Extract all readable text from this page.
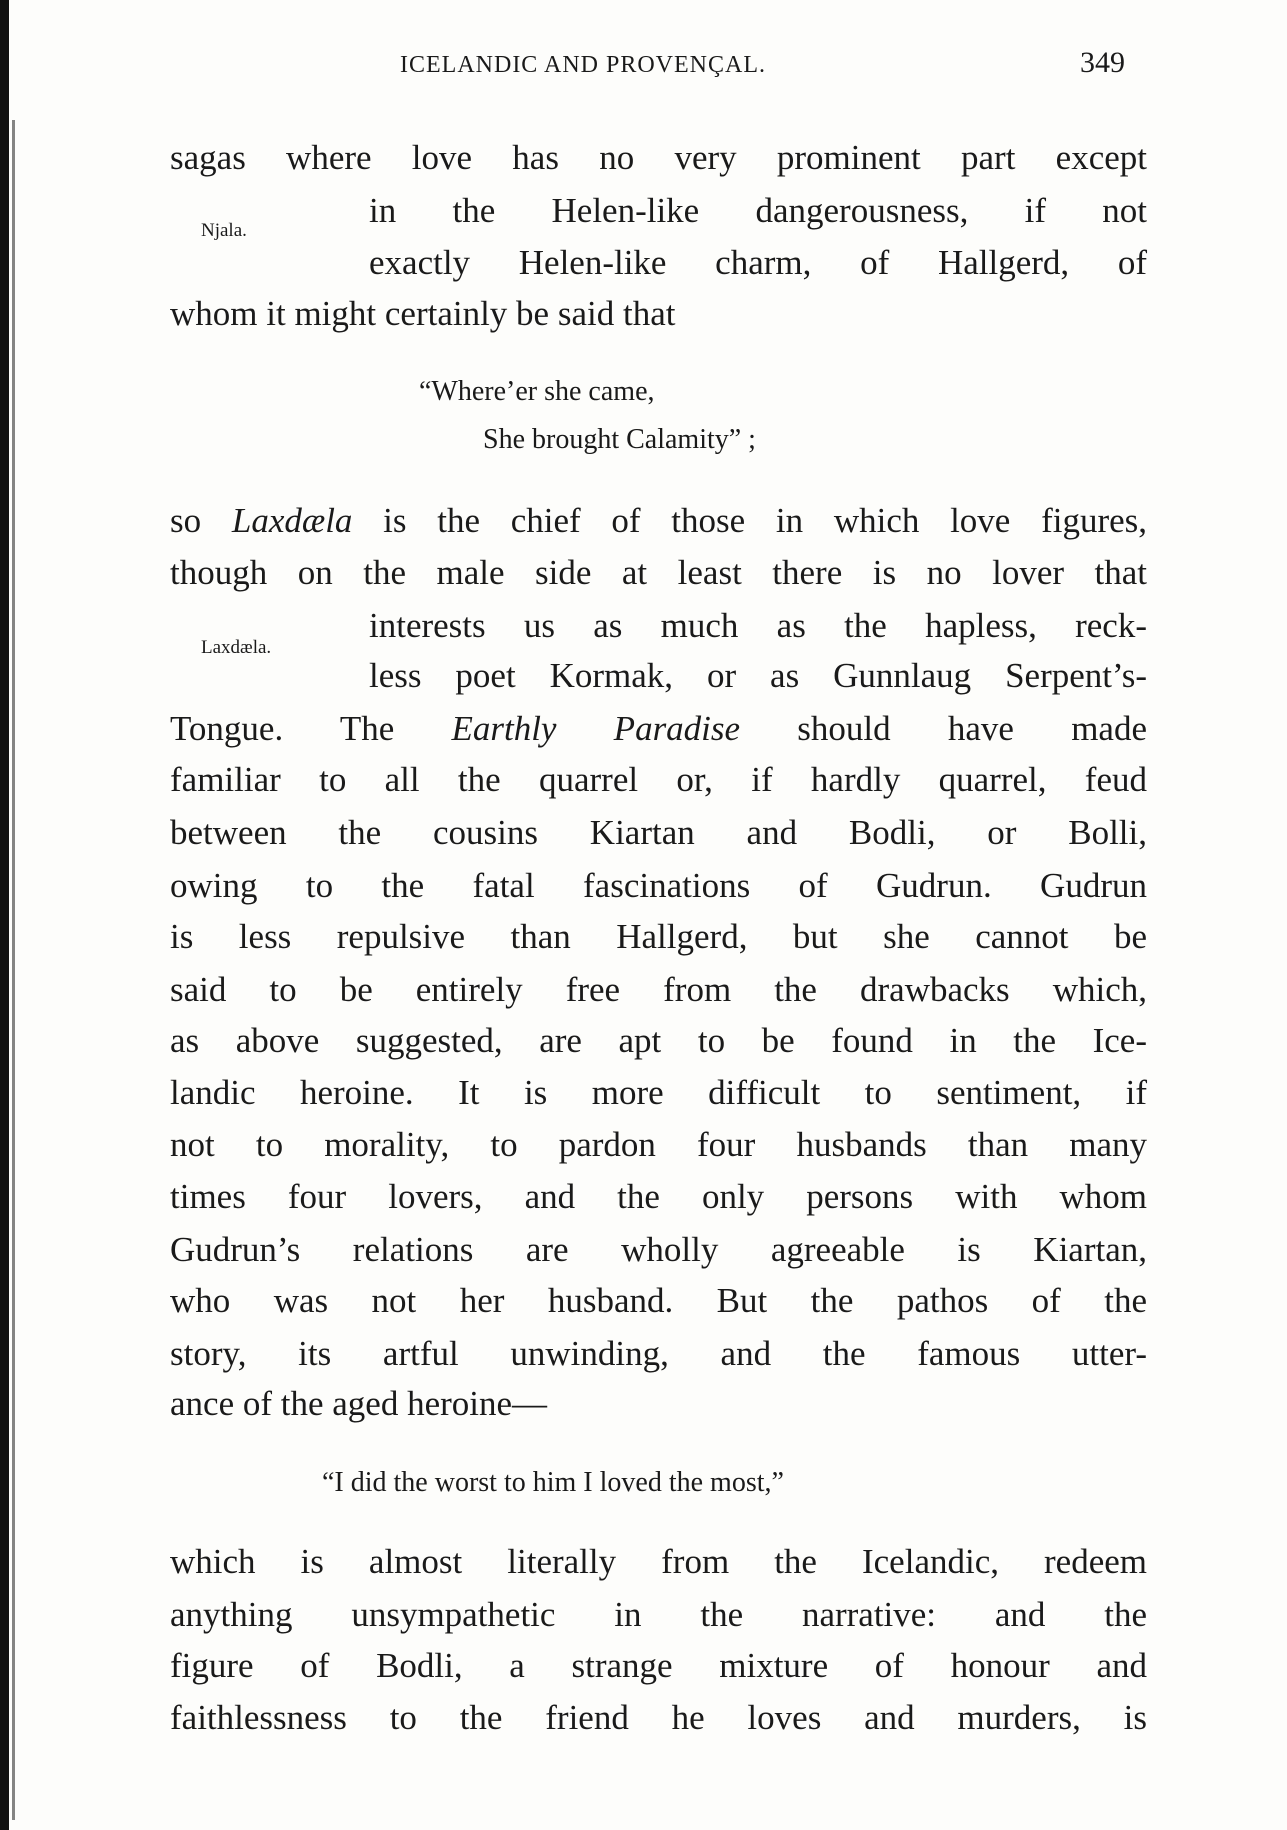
ICELANDIC AND PROVENÇAL.	349
Njala.
Laxdæla.
sagas where love has no very prominent part except
in the Helen-like dangerousness, if not
exactly Helen-like charm, of Hallgerd, of
whom it might certainly be said that
“Where’er she came,
She brought Calamity” ;
so Laxdæla is the chief of those in which love figures,
though on the male side at least there is no lover that
interests us as much as the hapless, reck-
less poet Kormak, or as Gunnlaug Serpent’s-
Tongue. The Earthly Paradise should have made
familiar to all the quarrel or, if hardly quarrel, feud
between the cousins Kiartan and Bodli, or Bolli,
owing to the fatal fascinations of Gudrun. Gudrun
is less repulsive than Hallgerd, but she cannot be
said to be entirely free from the drawbacks which,
as above suggested, are apt to be found in the Ice-
landic heroine. It is more difficult to sentiment, if
not to morality, to pardon four husbands than many
times four lovers, and the only persons with whom
Gudrun’s relations are wholly agreeable is Kiartan,
who was not her husband. But the pathos of the
story, its artful unwinding, and the famous utter-
ance of the aged heroine—
“I did the worst to him I loved the most,”
which is almost literally from the Icelandic, redeem
anything unsympathetic in the narrative: and the
figure of Bodli, a strange mixture of honour and
faithlessness to the friend he loves and murders, is
